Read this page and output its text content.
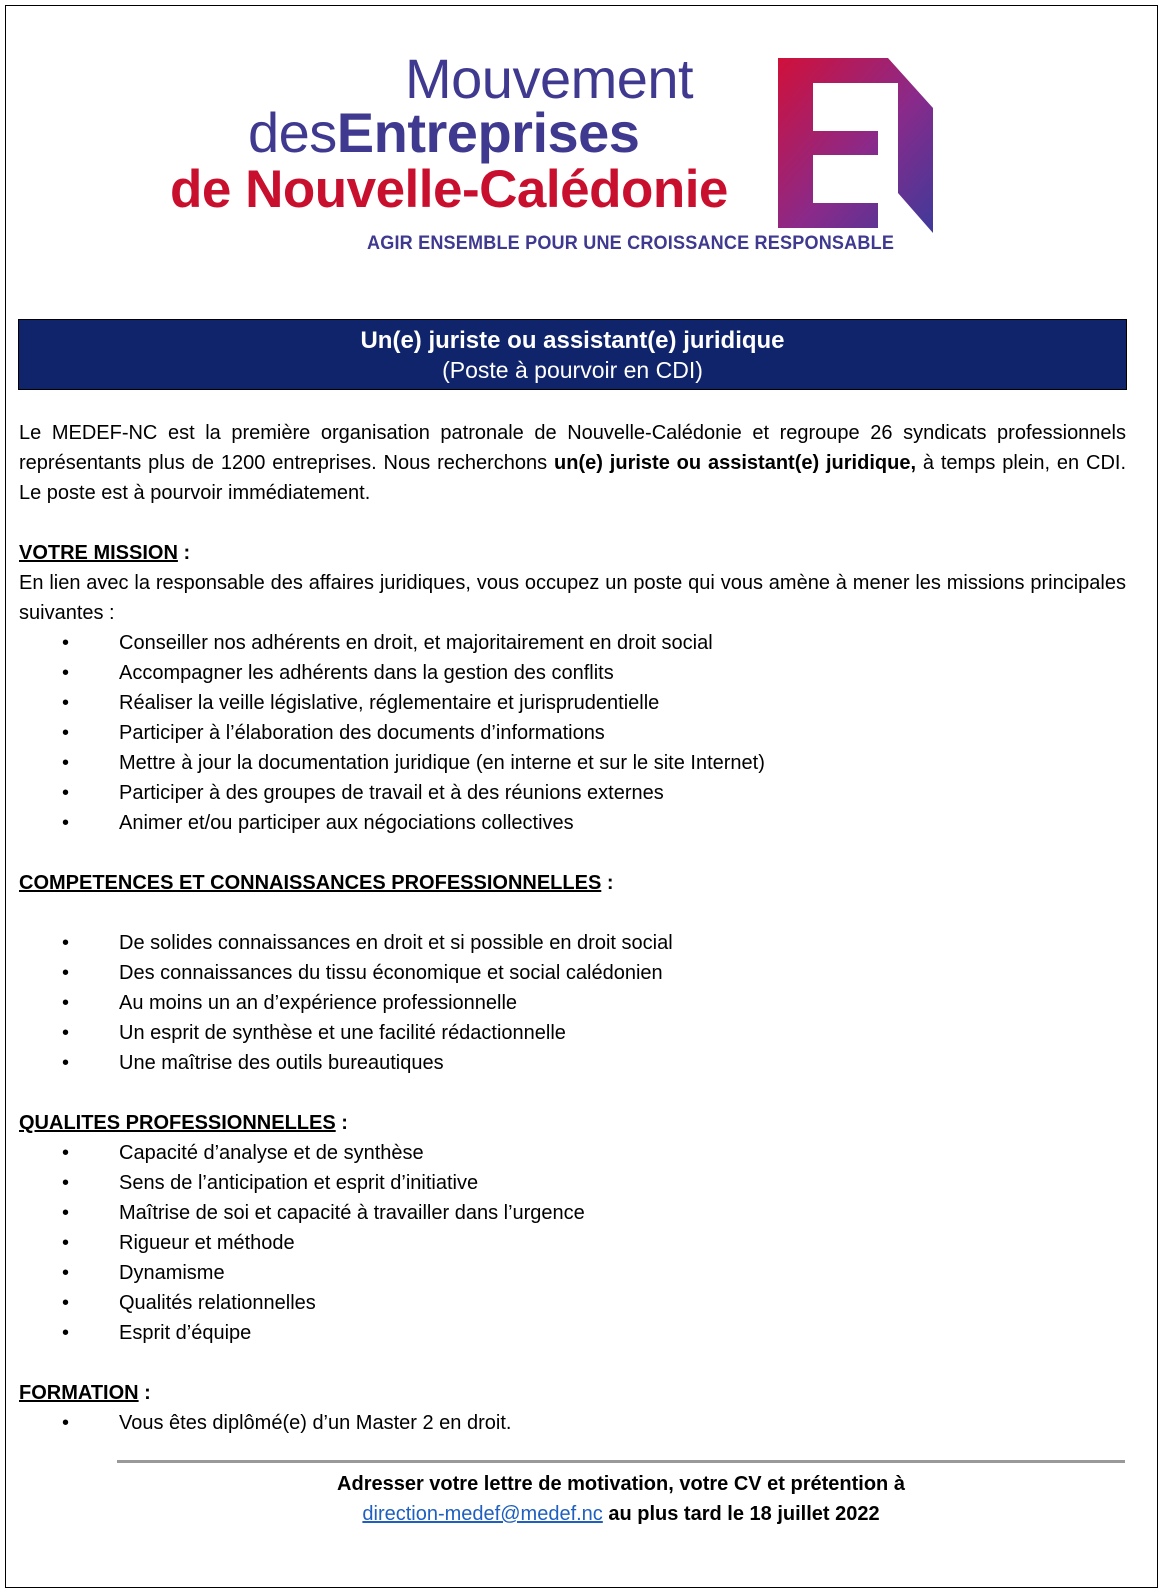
Mouvement
desEntreprises
de Nouvelle-Calédonie
AGIR ENSEMBLE POUR UNE CROISSANCE RESPONSABLE
Un(e) juriste ou assistant(e) juridique
(Poste à pourvoir en CDI)

Le MEDEF-NC est la première organisation patronale de Nouvelle-Calédonie et regroupe 26 syndicats professionnels représentants plus de 1200 entreprises. Nous recherchons un(e) juriste ou assistant(e) juridique, à temps plein, en CDI. Le poste est à pourvoir immédiatement.

VOTRE MISSION :

En lien avec la responsable des affaires juridiques, vous occupez un poste qui vous amène à mener les missions principales suivantes :

• Conseiller nos adhérents en droit, et majoritairement en droit social
• Accompagner les adhérents dans la gestion des conflits
• Réaliser la veille législative, réglementaire et jurisprudentielle
• Participer à l’élaboration des documents d’informations
• Mettre à jour la documentation juridique (en interne et sur le site Internet)
• Participer à des groupes de travail et à des réunions externes
• Animer et/ou participer aux négociations collectives

COMPETENCES ET CONNAISSANCES PROFESSIONNELLES :

• De solides connaissances en droit et si possible en droit social
• Des connaissances du tissu économique et social calédonien
• Au moins un an d’expérience professionnelle
• Un esprit de synthèse et une facilité rédactionnelle
• Une maîtrise des outils bureautiques

QUALITES PROFESSIONNELLES :

• Capacité d’analyse et de synthèse
• Sens de l’anticipation et esprit d’initiative
• Maîtrise de soi et capacité à travailler dans l’urgence
• Rigueur et méthode
• Dynamisme
• Qualités relationnelles
• Esprit d’équipe

FORMATION :

• Vous êtes diplômé(e) d’un Master 2 en droit.
Adresser votre lettre de motivation, votre CV et prétention à
direction-medef@medef.nc au plus tard le 18 juillet 2022
